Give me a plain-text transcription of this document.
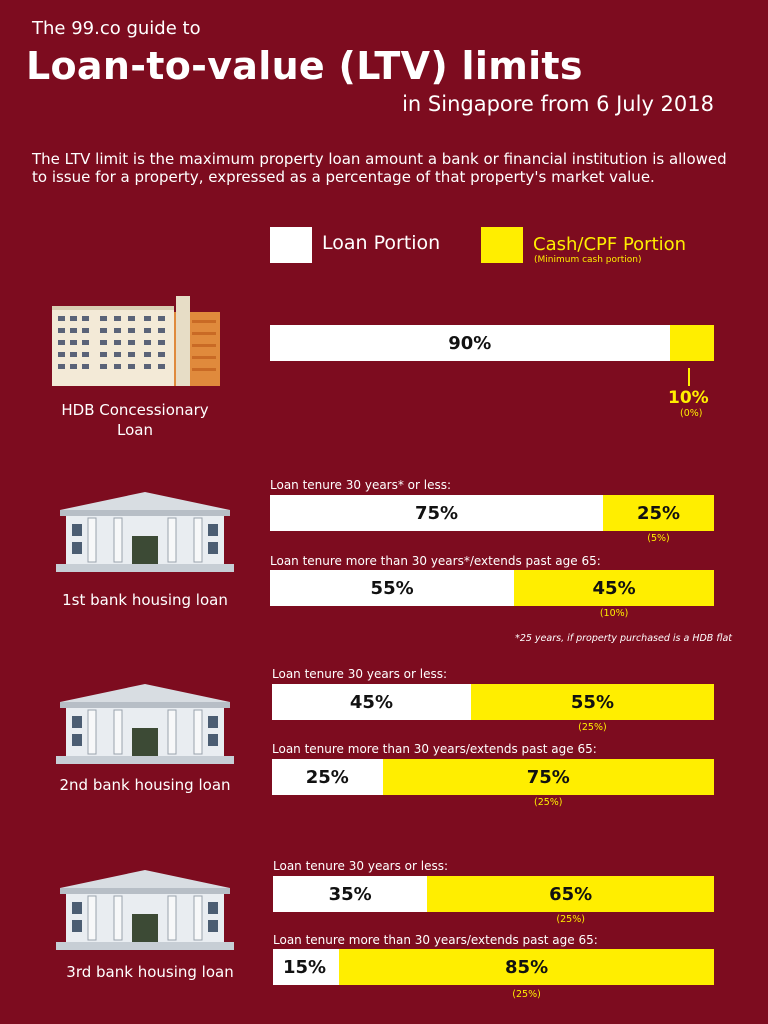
The 99.co guide to
Loan-to-value (LTV) limits
in Singapore from 6 July 2018
The LTV limit is the maximum property loan amount a bank or financial institution is allowed to issue for a property, expressed as a percentage of that property's market value.
Loan Portion	Cash/CPF Portion
(Minimum cash portion)
HDB Concessionary
Loan
1st bank housing loan
2nd bank housing loan
3rd bank housing loan
90%
10%
(0%)
Loan tenure 30 years* or less:
75%	25%
(5%)
Loan tenure more than 30 years*/extends past age 65:
55%	45%
(10%)
*25 years, if property purchased is a HDB flat
Loan tenure 30 years or less:
45%	55%
(25%)
Loan tenure more than 30 years/extends past age 65:
25%	75%
(25%)
Loan tenure 30 years or less:
35%	65%
(25%)
Loan tenure more than 30 years/extends past age 65:
15%	85%
(25%)
